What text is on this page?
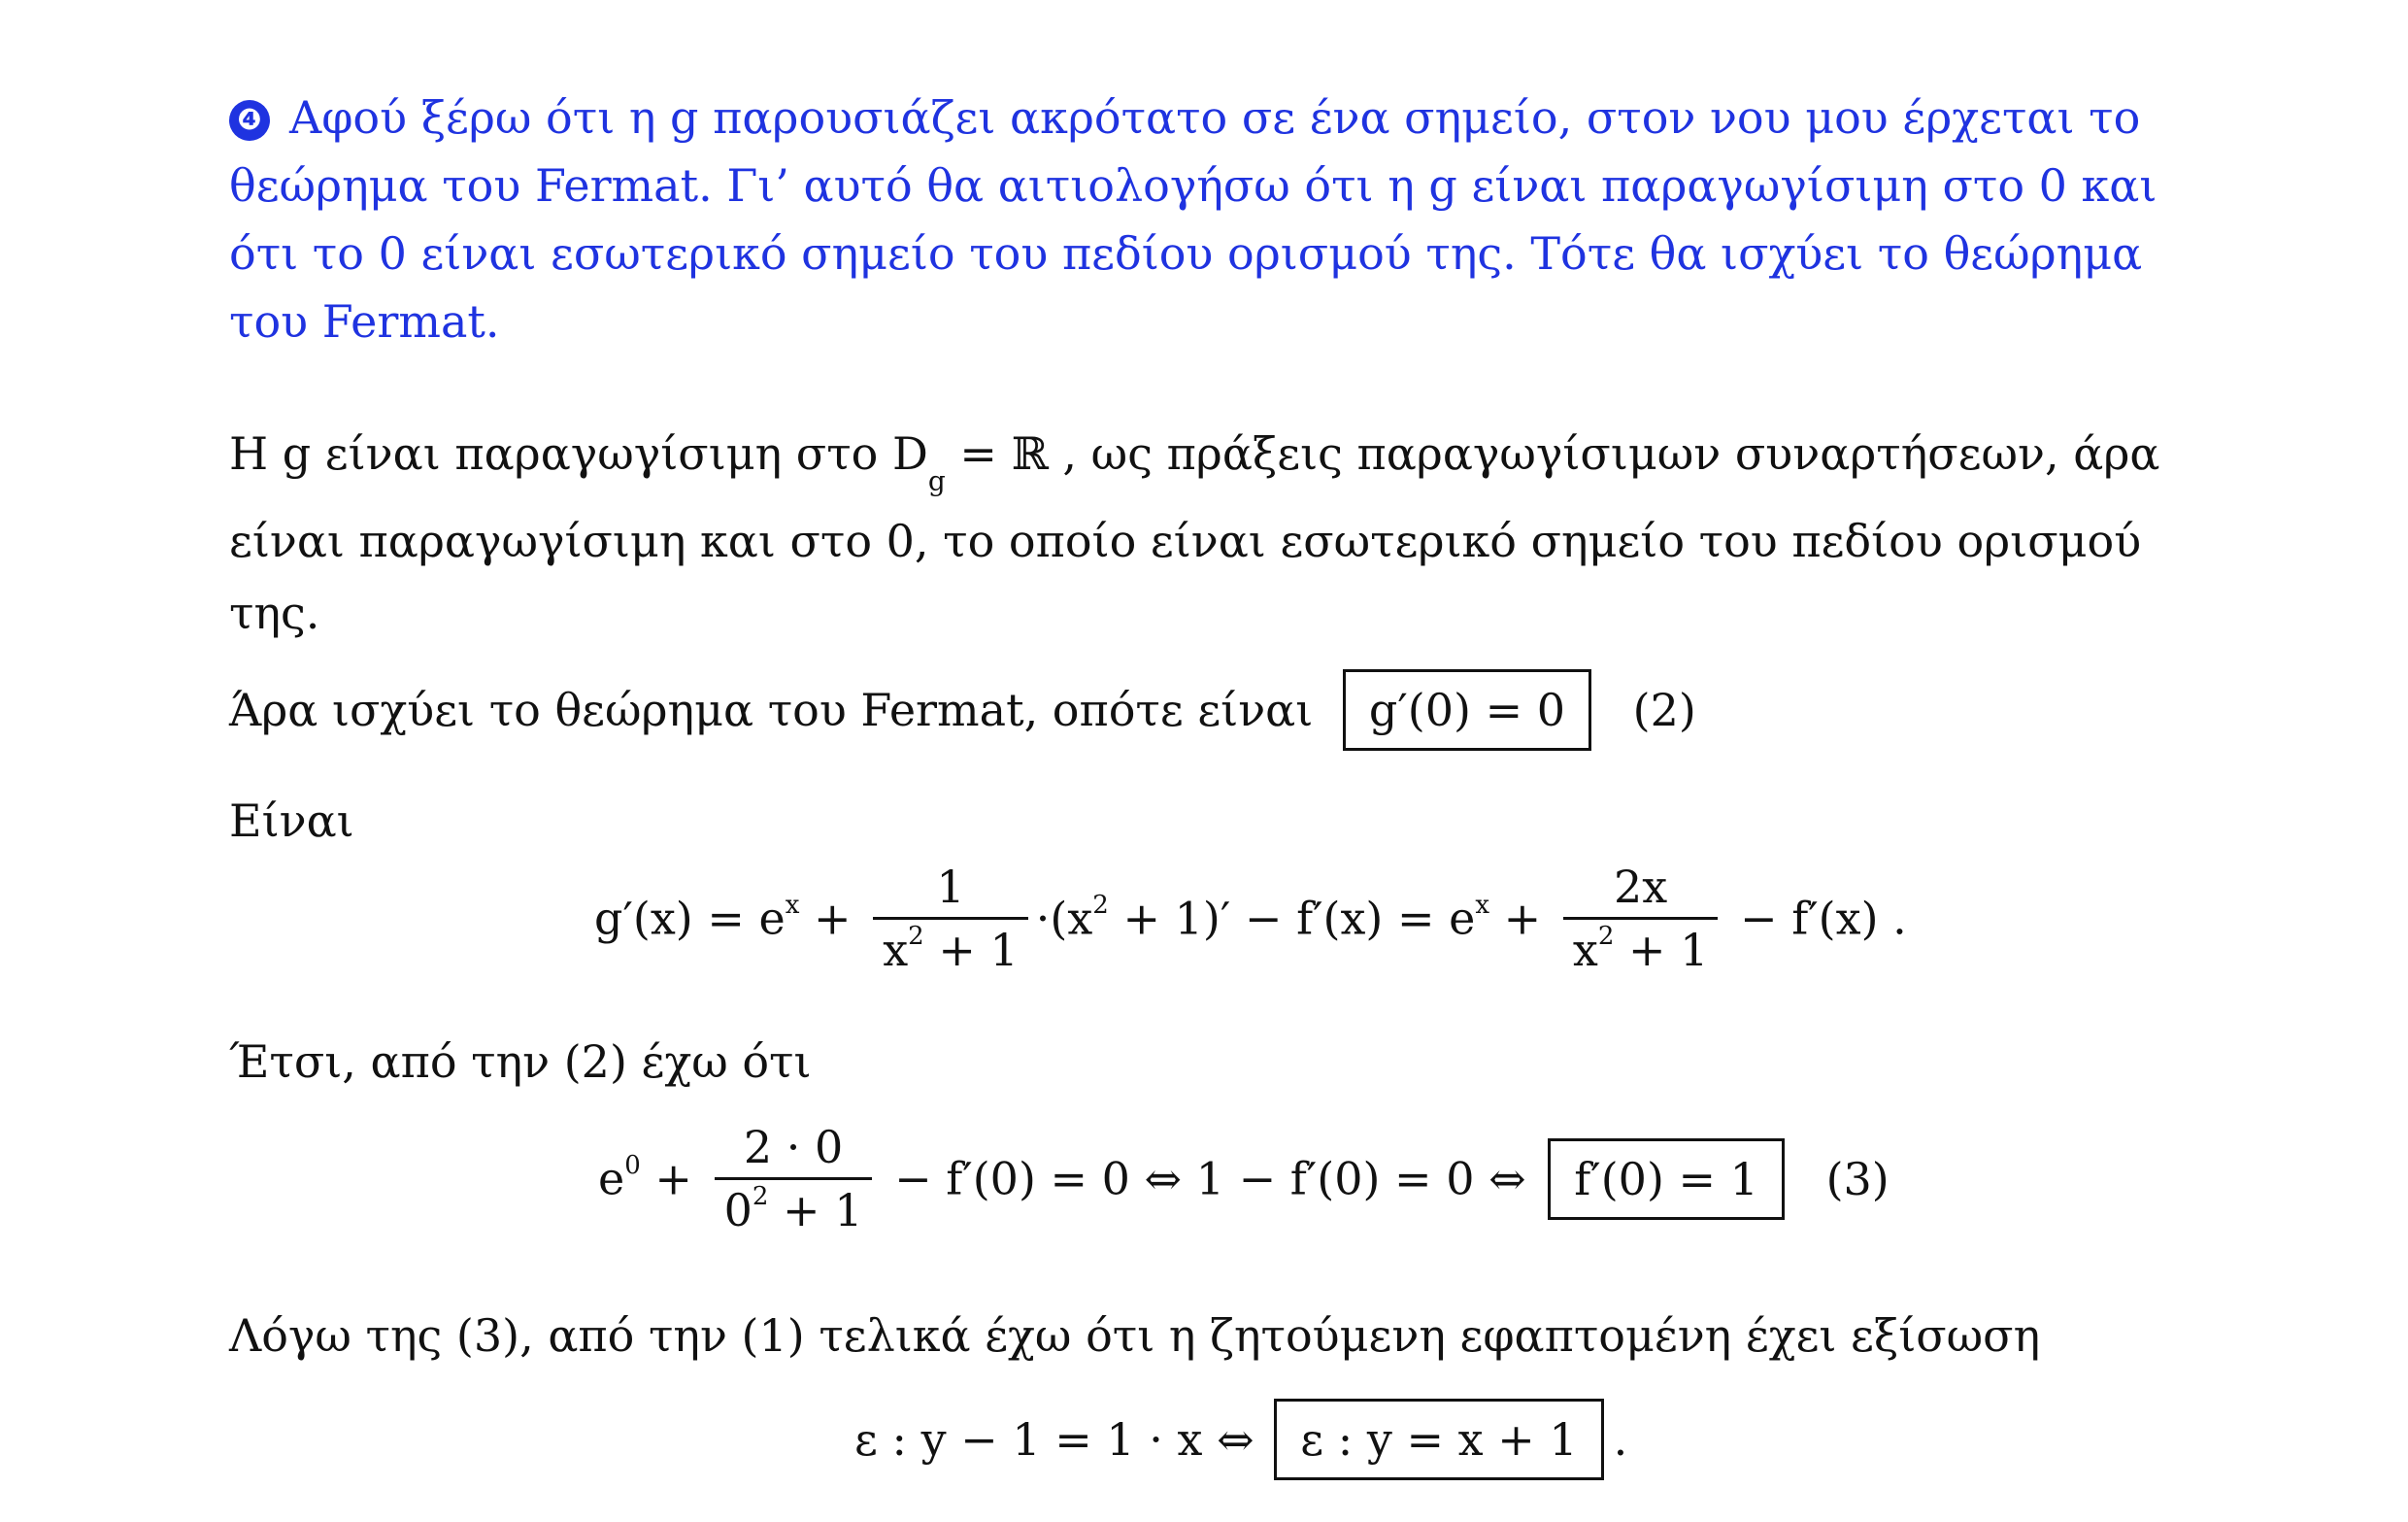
❹ Αφού ξέρω ότι η g παρουσιάζει ακρότατο σε ένα σημείο, στον νου μου έρχεται το θεώρημα του Fermat. Γι’ αυτό θα αιτιολογήσω ότι η g είναι παραγωγίσιμη στο 0 και ότι το 0 είναι εσωτερικό σημείο του πεδίου ορισμού της. Τότε θα ισχύει το θεώρημα του Fermat.
Η g είναι παραγωγίσιμη στο $D_g$ = ℝ , ως πράξεις παραγωγίσιμων συναρτήσεων, άρα
είναι παραγωγίσιμη και στο 0, το οποίο είναι εσωτερικό σημείο του πεδίου ορισμού
της.
Άρα ισχύει το θεώρημα του Fermat, οπότε είναι g′(0) = 0 (2)
Είναι
$g'(x) = e^x + \frac{1}{x^2 + 1} \cdot(x^2 + 1)' - f'(x) = e^x + \frac{2x}{x^2 + 1} - f'(x)$ .
Έτσι, από την (2) έχω ότι
$e^0 + \frac{2 \cdot 0}{0^2 + 1} - f'(0) = 0$ ⇔ 1 − f′(0) = 0 ⇔ f′(0) = 1 (3)
Λόγω της (3), από την (1) τελικά έχω ότι η ζητούμενη εφαπτομένη έχει εξίσωση
ε : y − 1 = 1 · x ⇔ ε : y = x + 1 .
